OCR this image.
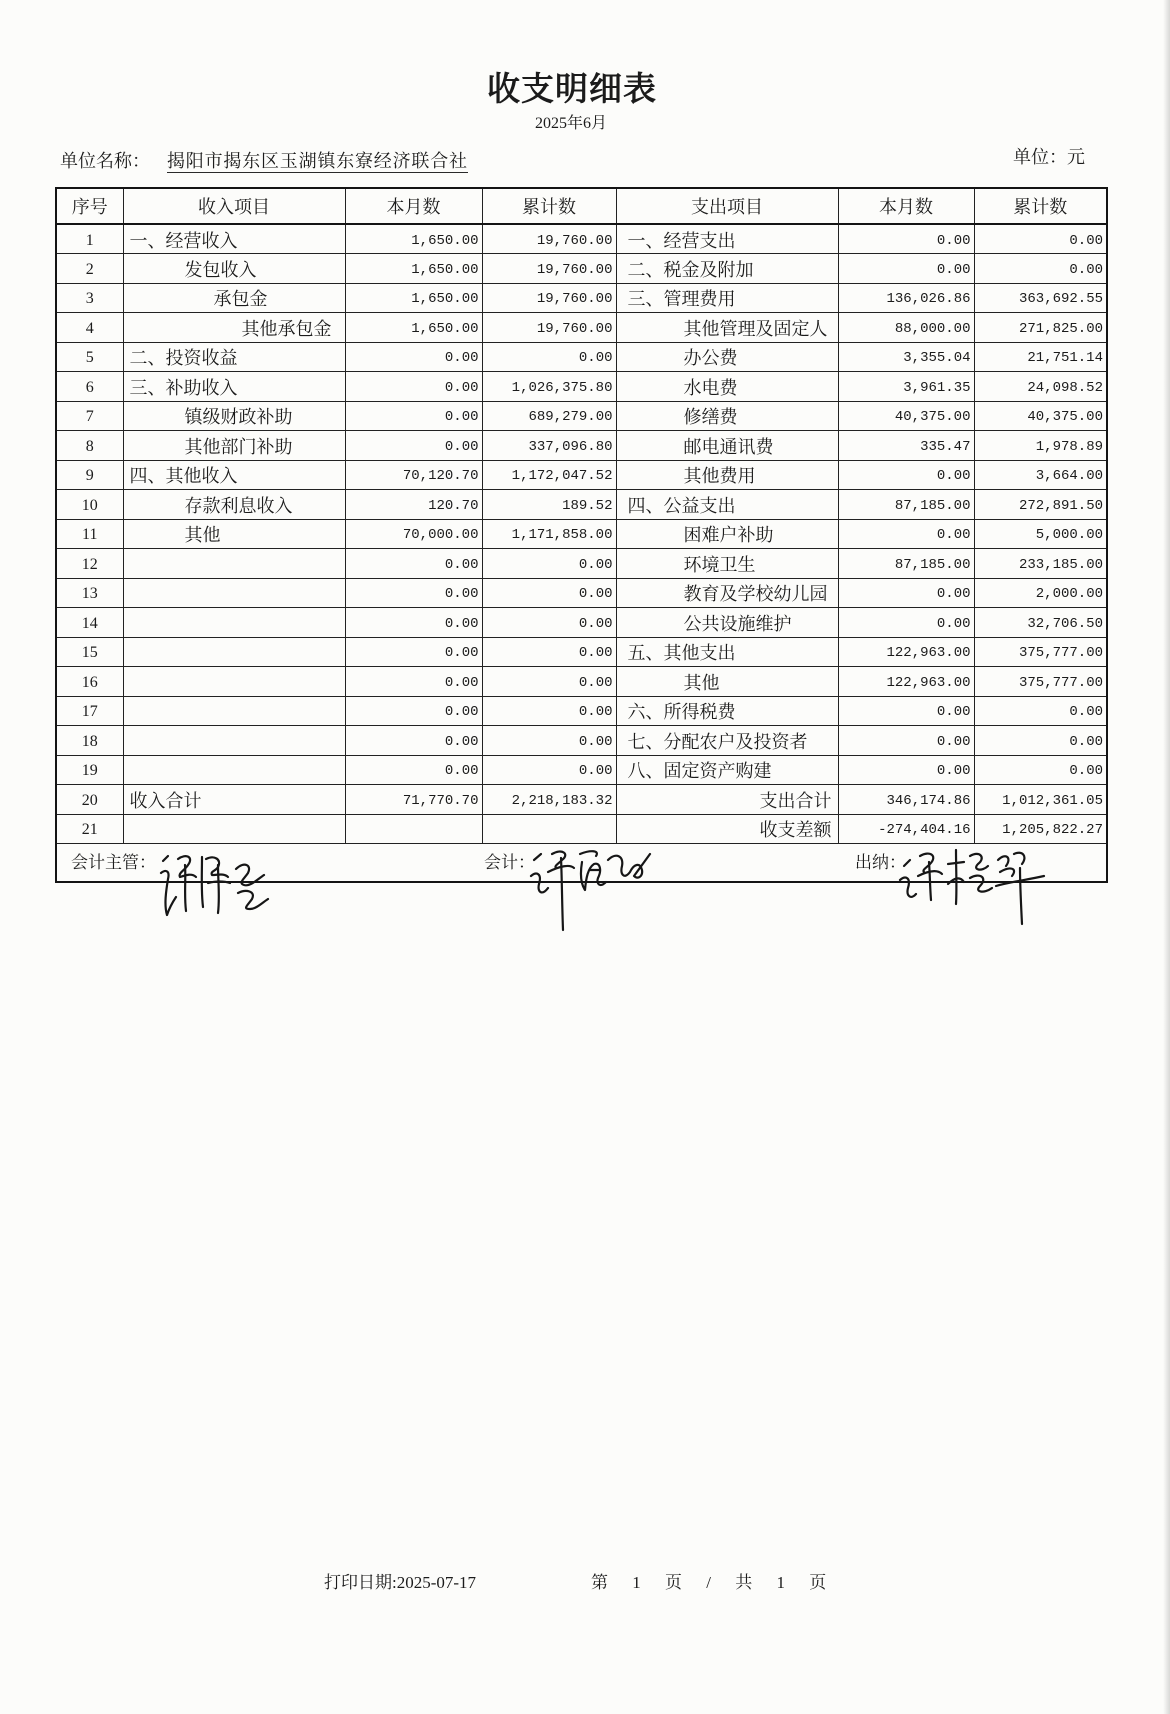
收支明细表
2025年6月
单位名称： 揭阳市揭东区玉湖镇东寮经济联合社	单位：元
序号	收入项目	本月数	累计数	支出项目	本月数	累计数
1	一、经营收入	1,650.00	19,760.00	一、经营支出	0.00	0.00
2	发包收入	1,650.00	19,760.00	二、税金及附加	0.00	0.00
3	承包金	1,650.00	19,760.00	三、管理费用	136,026.86	363,692.55
4	其他承包金	1,650.00	19,760.00	其他管理及固定人	88,000.00	271,825.00
5	二、投资收益	0.00	0.00	办公费	3,355.04	21,751.14
6	三、补助收入	0.00	1,026,375.80	水电费	3,961.35	24,098.52
7	镇级财政补助	0.00	689,279.00	修缮费	40,375.00	40,375.00
8	其他部门补助	0.00	337,096.80	邮电通讯费	335.47	1,978.89
9	四、其他收入	70,120.70	1,172,047.52	其他费用	0.00	3,664.00
10	存款利息收入	120.70	189.52	四、公益支出	87,185.00	272,891.50
11	其他	70,000.00	1,171,858.00	困难户补助	0.00	5,000.00
12		0.00	0.00	环境卫生	87,185.00	233,185.00
13		0.00	0.00	教育及学校幼儿园	0.00	2,000.00
14		0.00	0.00	公共设施维护	0.00	32,706.50
15		0.00	0.00	五、其他支出	122,963.00	375,777.00
16		0.00	0.00	其他	122,963.00	375,777.00
17		0.00	0.00	六、所得税费	0.00	0.00
18		0.00	0.00	七、分配农户及投资者	0.00	0.00
19		0.00	0.00	八、固定资产购建	0.00	0.00
20	收入合计	71,770.70	2,218,183.32	支出合计	346,174.86	1,012,361.05
21				收支差额	-274,404.16	1,205,822.27

会计主管： 会计： 出纳：						
打印日期:2025-07-17	第 1 页 / 共 1 页
